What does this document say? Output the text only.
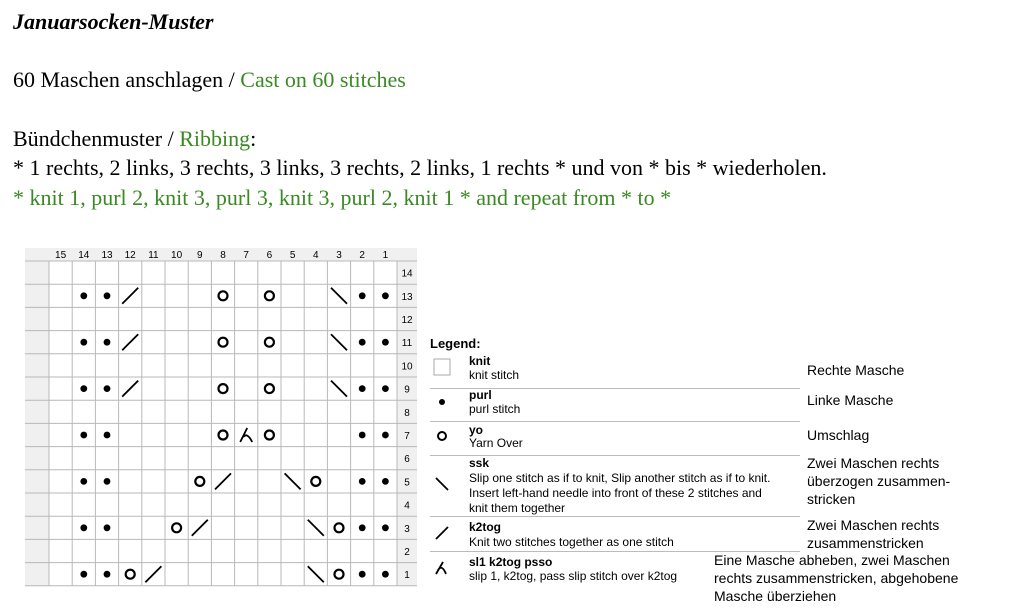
Januarsocken-Muster
60 Maschen anschlagen / Cast on 60 stitches
Bündchenmuster / Ribbing:
* 1 rechts, 2 links, 3 rechts, 3 links, 3 rechts, 2 links, 1 rechts * und von * bis * wiederholen.
* knit 1, purl 2, knit 3, purl 3, knit 3, purl 2, knit 1 * and repeat from * to *
15 14 13 12 11 10 9 8 7 6 5 4 3 2 1
14
13
12
11
10
9
8
7
6
5
4
3
2
1
Legend:
knit
knit stitch	Rechte Masche
purl
purl stitch
Linke Masche
yo
Yarn Over	Umschlag
ssk
Slip one stitch as if to knit, Slip another stitch as if to knit.
Insert left-hand needle into front of these 2 stitches and
knit them together
Zwei Maschen rechts
überzogen zusammen-
stricken
k2tog
Knit two stitches together as one stitch
Zwei Maschen rechts
zusammenstricken
sl1 k2tog psso
slip 1, k2tog, pass slip stitch over k2tog
Eine Masche abheben, zwei Maschen
rechts zusammenstricken, abgehobene
Masche überziehen
